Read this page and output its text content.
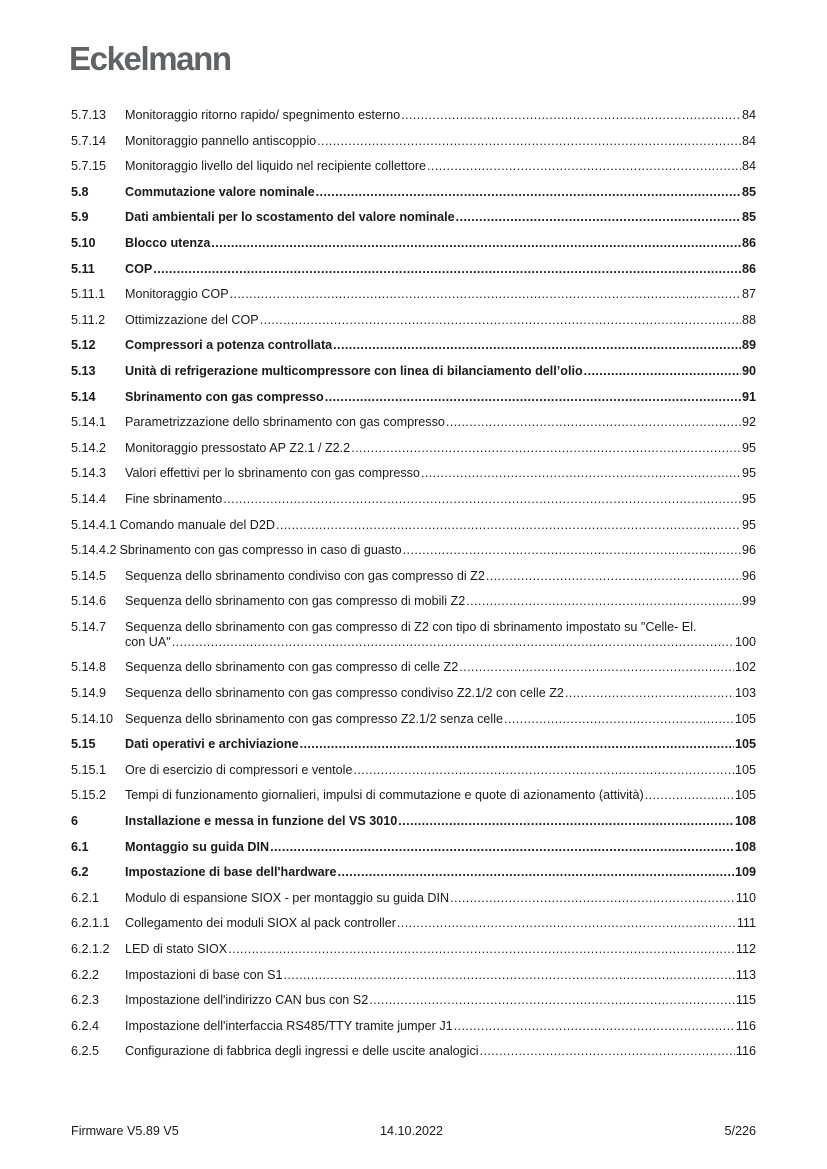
Eckelmann
5.7.13	Monitoraggio ritorno rapido/ spegnimento esterno .....	84
5.7.14	Monitoraggio pannello antiscoppio .....	84
5.7.15	Monitoraggio livello del liquido nel recipiente collettore .....	84
5.8	Commutazione valore nominale .....	85
5.9	Dati ambientali per lo scostamento del valore nominale .....	85
5.10	Blocco utenza .....	86
5.11	COP .....	86
5.11.1	Monitoraggio COP .....	87
5.11.2	Ottimizzazione del COP .....	88
5.12	Compressori a potenza controllata .....	89
5.13	Unità di refrigerazione multicompressore con linea di bilanciamento dell’olio .....	90
5.14	Sbrinamento con gas compresso .....	91
5.14.1	Parametrizzazione dello sbrinamento con gas compresso .....	92
5.14.2	Monitoraggio pressostato AP Z2.1 / Z2.2 .....	95
5.14.3	Valori effettivi per lo sbrinamento con gas compresso .....	95
5.14.4	Fine sbrinamento .....	95
5.14.4.1 Comando manuale del D2D .....	95
5.14.4.2 Sbrinamento con gas compresso in caso di guasto .....	96
5.14.5	Sequenza dello sbrinamento condiviso con gas compresso di Z2 .....	96
5.14.6	Sequenza dello sbrinamento con gas compresso di mobili Z2 .....	99
5.14.7	Sequenza dello sbrinamento con gas compresso di Z2 con tipo di sbrinamento impostato su "Celle- El.
con UA" .....	100
5.14.8	Sequenza dello sbrinamento con gas compresso di celle Z2 .....	102
5.14.9	Sequenza dello sbrinamento con gas compresso condiviso Z2.1/2 con celle Z2 .....	103
5.14.10 Sequenza dello sbrinamento con gas compresso Z2.1/2 senza celle .....	105
5.15	Dati operativi e archiviazione .....	105
5.15.1	Ore di esercizio di compressori e ventole .....	105
5.15.2	Tempi di funzionamento giornalieri, impulsi di commutazione e quote di azionamento (attività) .....	105
6	Installazione e messa in funzione del VS 3010 .....	108
6.1	Montaggio su guida DIN .....	108
6.2	Impostazione di base dell'hardware .....	109
6.2.1	Modulo di espansione SIOX - per montaggio su guida DIN .....	110
6.2.1.1	Collegamento dei moduli SIOX al pack controller .....	111
6.2.1.2	LED di stato SIOX .....	112
6.2.2	Impostazioni di base con S1 .....	113
6.2.3	Impostazione dell'indirizzo CAN bus con S2 .....	115
6.2.4	Impostazione dell'interfaccia RS485/TTY tramite jumper J1 .....	116
6.2.5	Configurazione di fabbrica degli ingressi e delle uscite analogici .....	116
Firmware V5.89 V5	14.10.2022	5/226
